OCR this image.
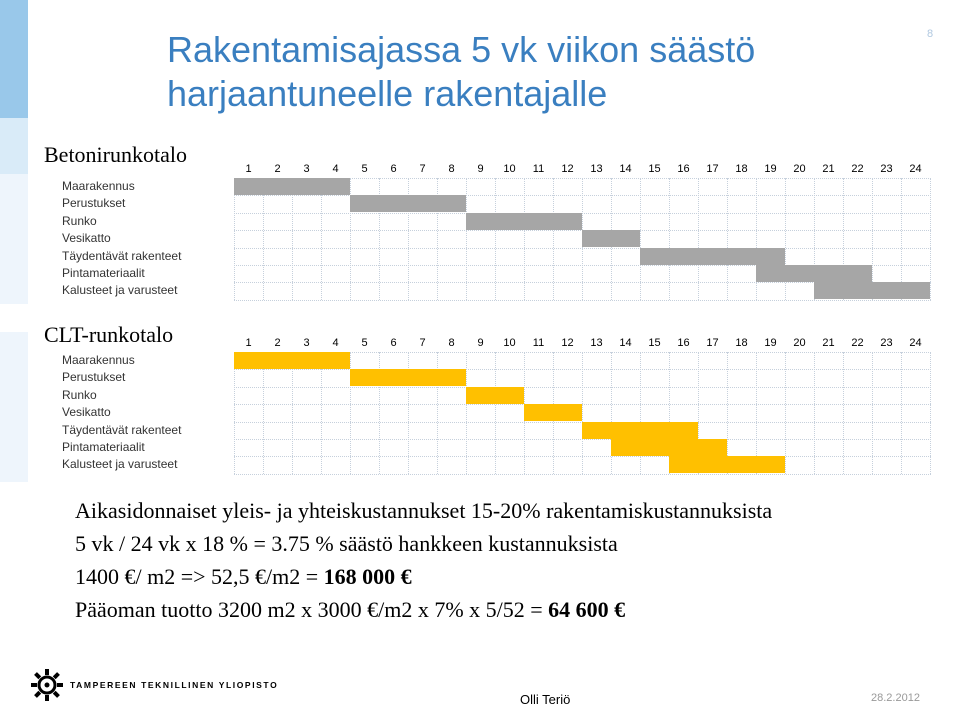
Rakentamisajassa 5 vk viikon säästö
harjaantuneelle rakentajalle
8
Betonirunkotalo
CLT-runkotalo
1	2	3	4	5	6	7	8	9	10	11	12	13	14	15	16	17	18	19	20	21	22	23	24
Maarakennus
Perustukset
Runko
Vesikatto
Täydentävät rakenteet
Pintamateriaalit
Kalusteet ja varusteet
1	2	3	4	5	6	7	8	9	10	11	12	13	14	15	16	17	18	19	20	21	22	23	24
Maarakennus
Perustukset
Runko
Vesikatto
Täydentävät rakenteet
Pintamateriaalit
Kalusteet ja varusteet
Aikasidonnaiset yleis- ja yhteiskustannukset 15-20% rakentamiskustannuksista
5 vk / 24 vk x 18 % = 3.75 % säästö hankkeen kustannuksista
1400 €/ m2 => 52,5 €/m2 = 168 000 €
Pääoman tuotto 3200 m2 x 3000 €/m2 x 7% x 5/52 = 64 600 €
TAMPEREEN TEKNILLINEN YLIOPISTO
Olli Teriö	28.2.2012
